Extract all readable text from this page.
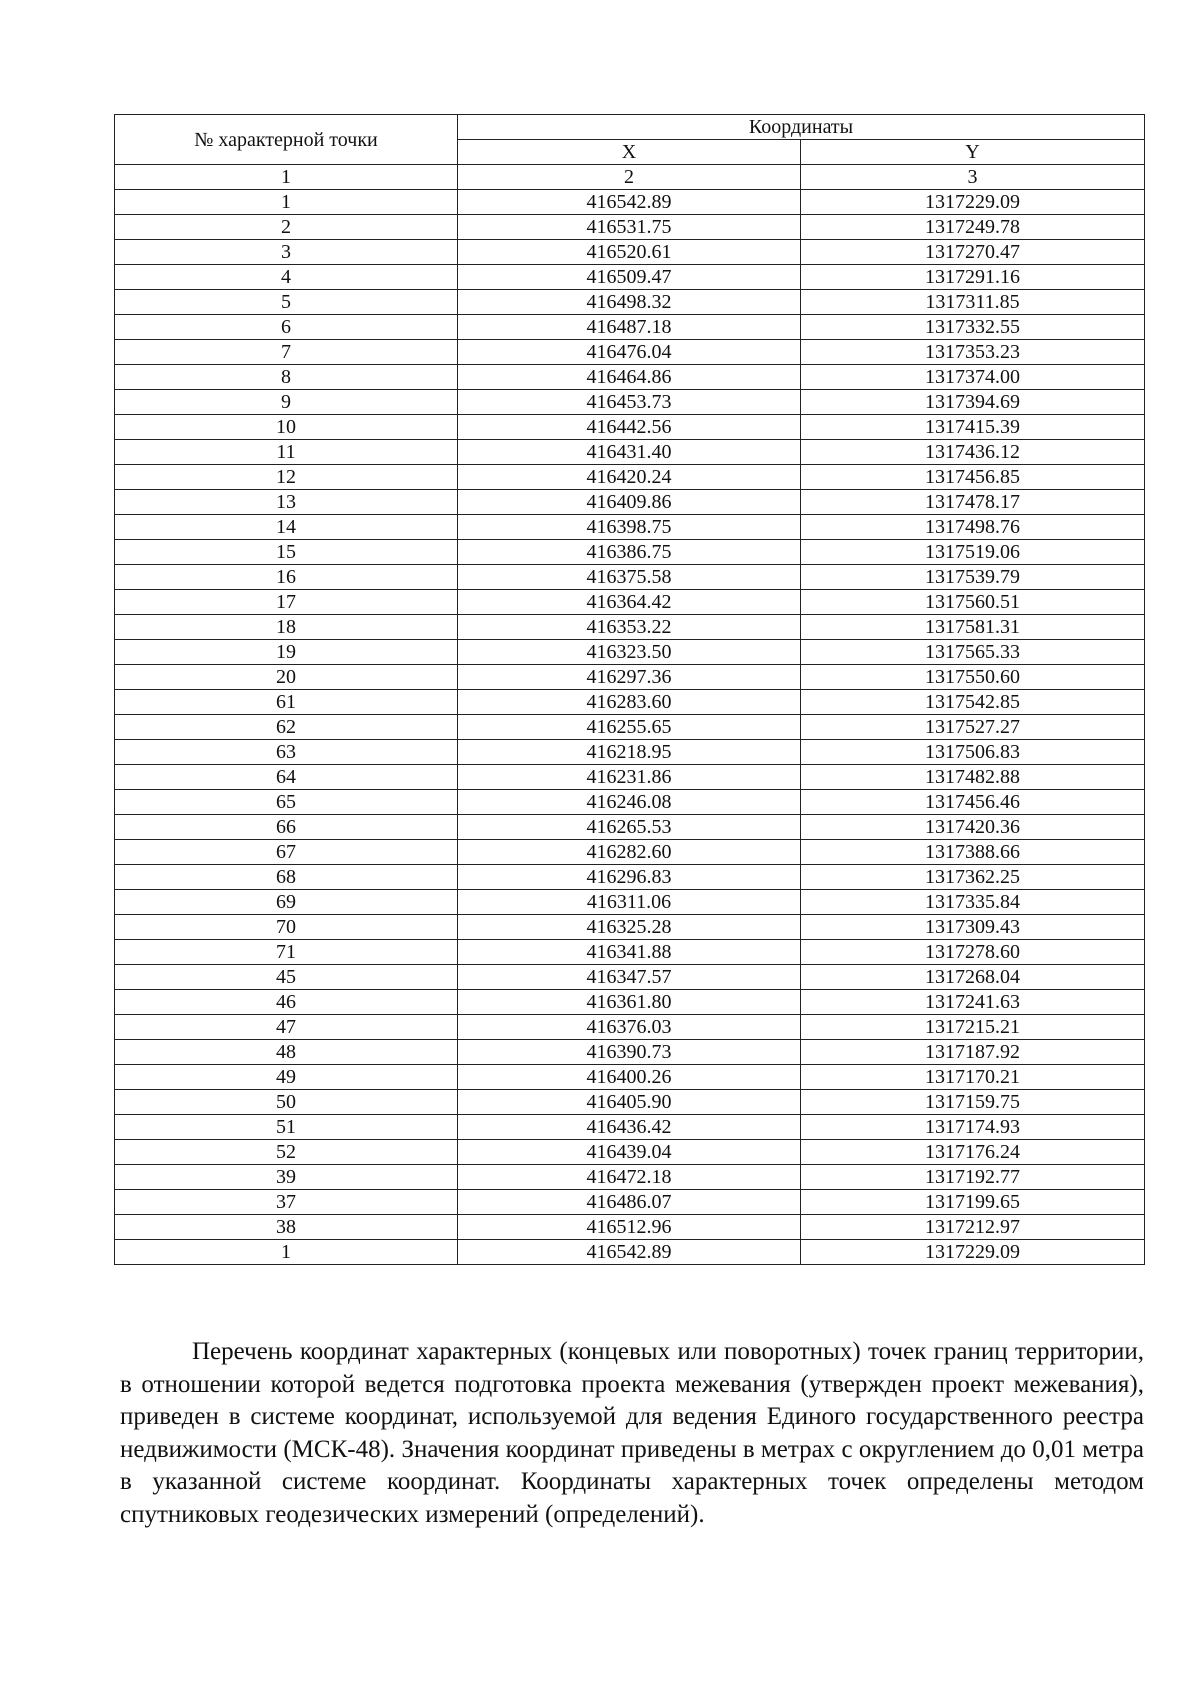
№ характерной точки	Координаты	
	X	Y
1	2	3
1	416542.89	1317229.09
2	416531.75	1317249.78
3	416520.61	1317270.47
4	416509.47	1317291.16
5	416498.32	1317311.85
6	416487.18	1317332.55
7	416476.04	1317353.23
8	416464.86	1317374.00
9	416453.73	1317394.69
10	416442.56	1317415.39
11	416431.40	1317436.12
12	416420.24	1317456.85
13	416409.86	1317478.17
14	416398.75	1317498.76
15	416386.75	1317519.06
16	416375.58	1317539.79
17	416364.42	1317560.51
18	416353.22	1317581.31
19	416323.50	1317565.33
20	416297.36	1317550.60
61	416283.60	1317542.85
62	416255.65	1317527.27
63	416218.95	1317506.83
64	416231.86	1317482.88
65	416246.08	1317456.46
66	416265.53	1317420.36
67	416282.60	1317388.66
68	416296.83	1317362.25
69	416311.06	1317335.84
70	416325.28	1317309.43
71	416341.88	1317278.60
45	416347.57	1317268.04
46	416361.80	1317241.63
47	416376.03	1317215.21
48	416390.73	1317187.92
49	416400.26	1317170.21
50	416405.90	1317159.75
51	416436.42	1317174.93
52	416439.04	1317176.24
39	416472.18	1317192.77
37	416486.07	1317199.65
38	416512.96	1317212.97
1	416542.89	1317229.09

Перечень координат характерных (концевых или поворотных) точек границ территории, в отношении которой ведется подготовка проекта межевания (утвержден проект межевания), приведен в системе координат, используемой для ведения Единого государственного реестра недвижимости (МСК-48). Значения координат приведены в метрах с округлением до 0,01 метра в указанной системе координат. Координаты характерных точек определены методом спутниковых геодезических измерений (определений).
